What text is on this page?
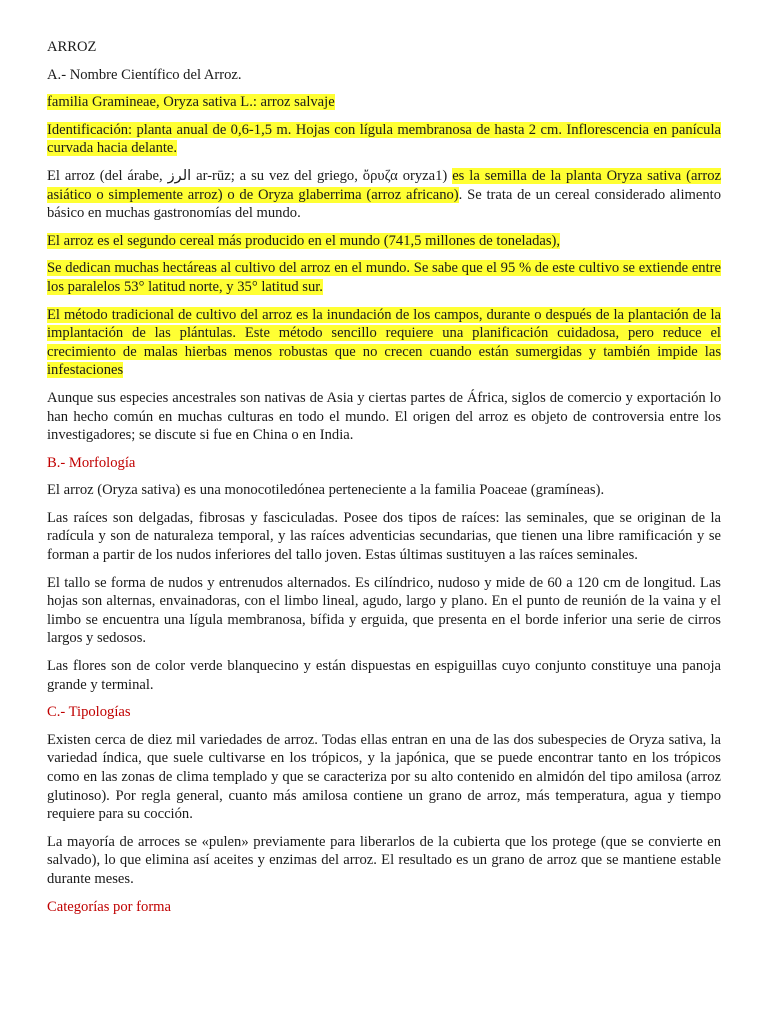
ARROZ

A.- Nombre Científico del Arroz.

familia Gramineae, Oryza sativa L.: arroz salvaje

Identificación: planta anual de 0,6-1,5 m. Hojas con lígula membranosa de hasta 2 cm. Inflorescencia en panícula curvada hacia delante.

El arroz (del árabe, الرز ar-rūz; a su vez del griego, ὄρυζα oryza1) es la semilla de la planta Oryza sativa (arroz asiático o simplemente arroz) o de Oryza glaberrima (arroz africano). Se trata de un cereal considerado alimento básico en muchas gastronomías del mundo.

El arroz es el segundo cereal más producido en el mundo (741,5 millones de toneladas),

Se dedican muchas hectáreas al cultivo del arroz en el mundo. Se sabe que el 95 % de este cultivo se extiende entre los paralelos 53° latitud norte, y 35° latitud sur.

El método tradicional de cultivo del arroz es la inundación de los campos, durante o después de la plantación de la implantación de las plántulas. Este método sencillo requiere una planificación cuidadosa, pero reduce el crecimiento de malas hierbas menos robustas que no crecen cuando están sumergidas y también impide las infestaciones

Aunque sus especies ancestrales son nativas de Asia y ciertas partes de África, siglos de comercio y exportación lo han hecho común en muchas culturas en todo el mundo. El origen del arroz es objeto de controversia entre los investigadores; se discute si fue en China o en India.

B.- Morfología

El arroz (Oryza sativa) es una monocotiledónea perteneciente a la familia Poaceae (gramíneas).

Las raíces son delgadas, fibrosas y fasciculadas. Posee dos tipos de raíces: las seminales, que se originan de la radícula y son de naturaleza temporal, y las raíces adventicias secundarias, que tienen una libre ramificación y se forman a partir de los nudos inferiores del tallo joven. Estas últimas sustituyen a las raíces seminales.

El tallo se forma de nudos y entrenudos alternados. Es cilíndrico, nudoso y mide de 60 a 120 cm de longitud. Las hojas son alternas, envainadoras, con el limbo lineal, agudo, largo y plano. En el punto de reunión de la vaina y el limbo se encuentra una lígula membranosa, bífida y erguida, que presenta en el borde inferior una serie de cirros largos y sedosos.

Las flores son de color verde blanquecino y están dispuestas en espiguillas cuyo conjunto constituye una panoja grande y terminal.

C.- Tipologías

Existen cerca de diez mil variedades de arroz. Todas ellas entran en una de las dos subespecies de Oryza sativa, la variedad índica, que suele cultivarse en los trópicos, y la japónica, que se puede encontrar tanto en los trópicos como en las zonas de clima templado y que se caracteriza por su alto contenido en almidón del tipo amilosa (arroz glutinoso). Por regla general, cuanto más amilosa contiene un grano de arroz, más temperatura, agua y tiempo requiere para su cocción.

La mayoría de arroces se «pulen» previamente para liberarlos de la cubierta que los protege (que se convierte en salvado), lo que elimina así aceites y enzimas del arroz. El resultado es un grano de arroz que se mantiene estable durante meses.

Categorías por forma
